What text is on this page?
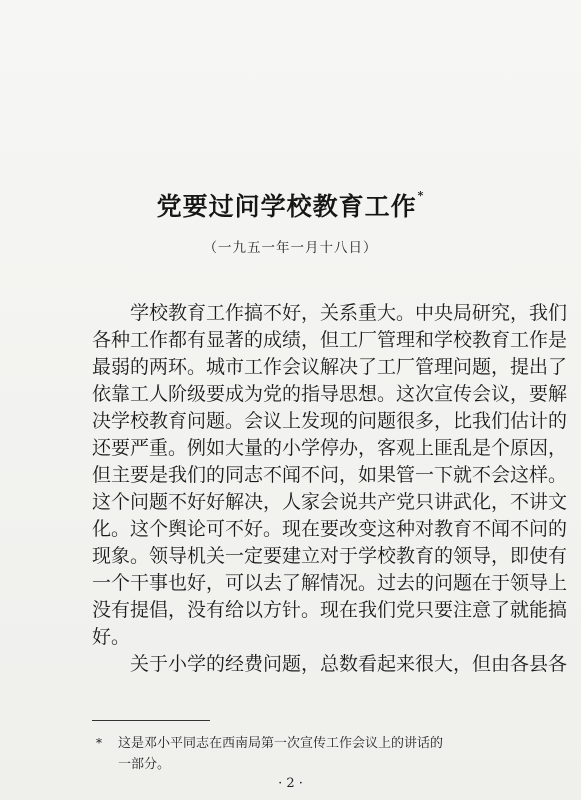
党要过问学校教育工作*
（一九五一年一月十八日）
学校教育工作搞不好，关系重大。中央局研究，我们
各种工作都有显著的成绩，但工厂管理和学校教育工作是
最弱的两环。城市工作会议解决了工厂管理问题，提出了
依靠工人阶级要成为党的指导思想。这次宣传会议，要解
决学校教育问题。会议上发现的问题很多，比我们估计的
还要严重。例如大量的小学停办，客观上匪乱是个原因，
但主要是我们的同志不闻不问，如果管一下就不会这样。
这个问题不好好解决，人家会说共产党只讲武化，不讲文
化。这个舆论可不好。现在要改变这种对教育不闻不问的
现象。领导机关一定要建立对于学校教育的领导，即使有
一个干事也好，可以去了解情况。过去的问题在于领导上
没有提倡，没有给以方针。现在我们党只要注意了就能搞
好。
关于小学的经费问题，总数看起来很大，但由各县各
* 这是邓小平同志在西南局第一次宣传工作会议上的讲话的
一部分。
· 2 ·
